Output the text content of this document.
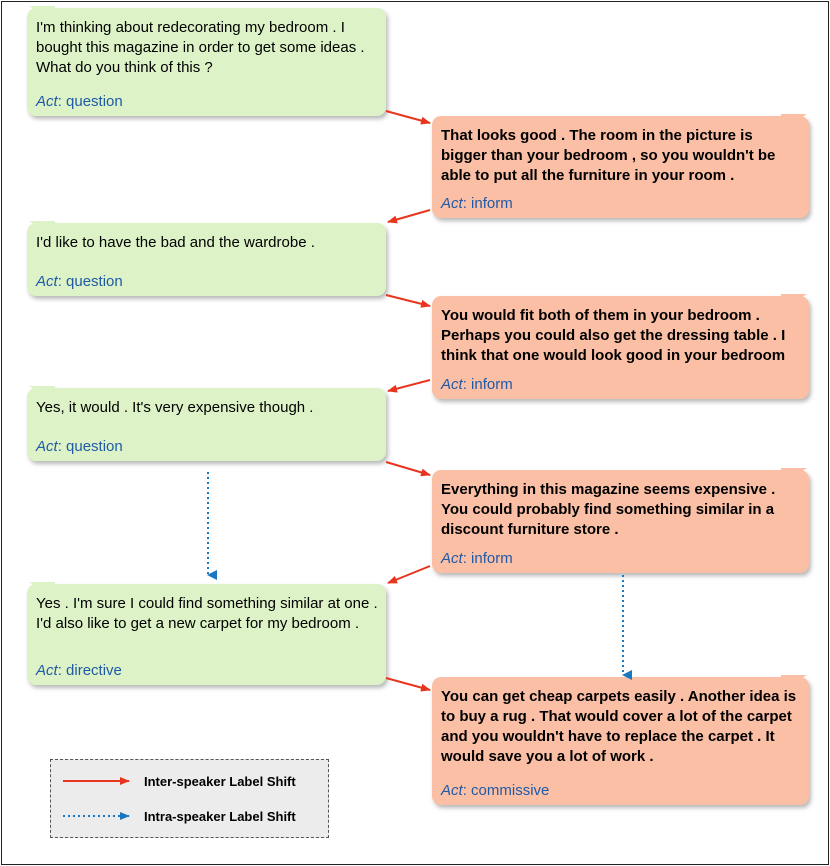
I'm thinking about redecorating my bedroom . I bought this magazine in order to get some ideas . What do you think of this ?
Act: question
That looks good . The room in the picture is bigger than your bedroom , so you wouldn't be able to put all the furniture in your room .
Act: inform
I'd like to have the bad and the wardrobe .
Act: question
You would fit both of them in your bedroom . Perhaps you could also get the dressing table . I think that one would look good in your bedroom
Act: inform
Yes, it would . It's very expensive though .
Act: question
Everything in this magazine seems expensive . You could probably find something similar in a discount furniture store .
Act: inform
Yes . I'm sure I could find something similar at one . I'd also like to get a new carpet for my bedroom .
Act: directive
You can get cheap carpets easily . Another idea is to buy a rug . That would cover a lot of the carpet and you wouldn't have to replace the carpet . It would save you a lot of work .
Act: commissive
Inter-speaker Label Shift
Intra-speaker Label Shift
